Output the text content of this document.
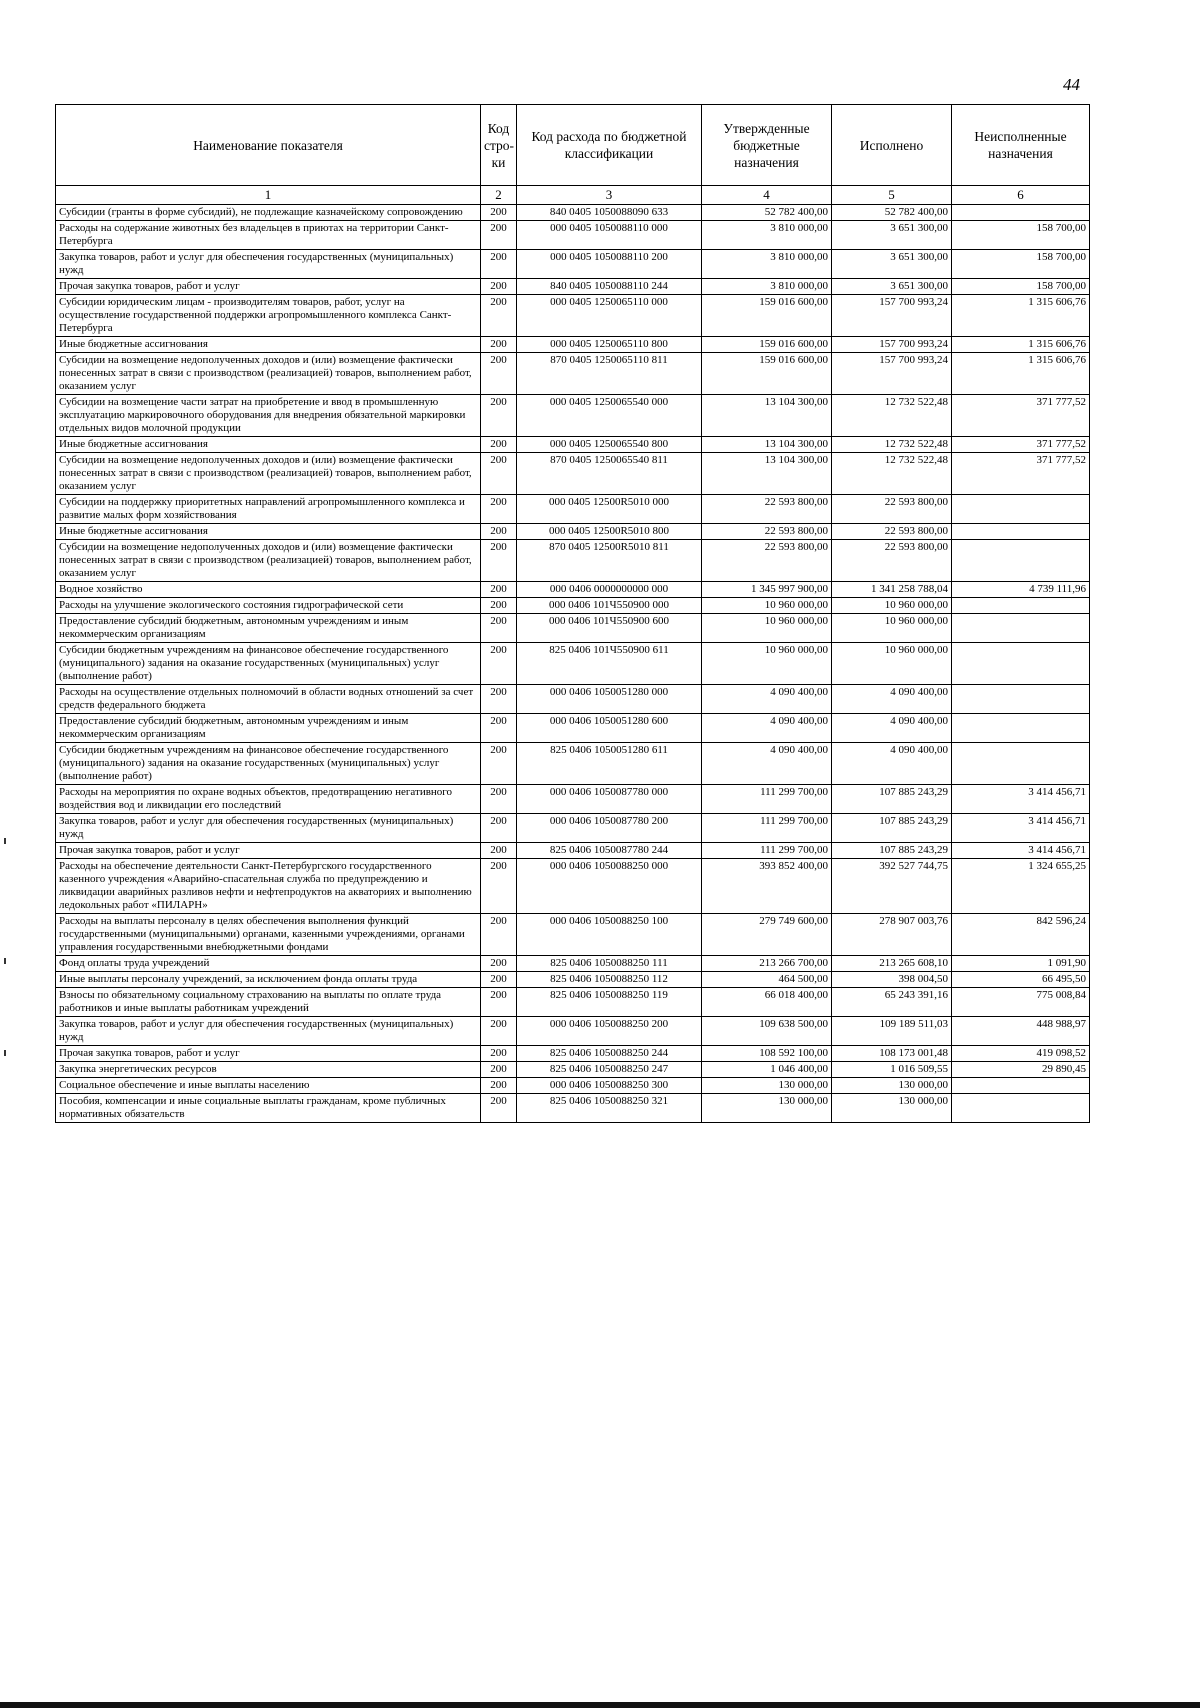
44
Наименование показателя	Код стро-ки	Код расхода по бюджетной классификации	Утвержденные бюджетные назначения	Исполнено	Неисполненные назначения
1	2	3	4	5	6
Субсидии (гранты в форме субсидий), не подлежащие казначейскому сопровождению	200	840 0405 1050088090 633	52 782 400,00	52 782 400,00	
Расходы на содержание животных без владельцев в приютах на территории Санкт-Петербурга	200	000 0405 1050088110 000	3 810 000,00	3 651 300,00	158 700,00
Закупка товаров, работ и услуг для обеспечения государственных (муниципальных) нужд	200	000 0405 1050088110 200	3 810 000,00	3 651 300,00	158 700,00
Прочая закупка товаров, работ и услуг	200	840 0405 1050088110 244	3 810 000,00	3 651 300,00	158 700,00
Субсидии юридическим лицам - производителям товаров, работ, услуг на осуществление государственной поддержки агропромышленного комплекса Санкт-Петербурга	200	000 0405 1250065110 000	159 016 600,00	157 700 993,24	1 315 606,76
Иные бюджетные ассигнования	200	000 0405 1250065110 800	159 016 600,00	157 700 993,24	1 315 606,76
Субсидии на возмещение недополученных доходов и (или) возмещение фактически понесенных затрат в связи с производством (реализацией) товаров, выполнением работ, оказанием услуг	200	870 0405 1250065110 811	159 016 600,00	157 700 993,24	1 315 606,76
Субсидии на возмещение части затрат на приобретение и ввод в промышленную эксплуатацию маркировочного оборудования для внедрения обязательной маркировки отдельных видов молочной продукции	200	000 0405 1250065540 000	13 104 300,00	12 732 522,48	371 777,52
Иные бюджетные ассигнования	200	000 0405 1250065540 800	13 104 300,00	12 732 522,48	371 777,52
Субсидии на возмещение недополученных доходов и (или) возмещение фактически понесенных затрат в связи с производством (реализацией) товаров, выполнением работ, оказанием услуг	200	870 0405 1250065540 811	13 104 300,00	12 732 522,48	371 777,52
Субсидии на поддержку приоритетных направлений агропромышленного комплекса и развитие малых форм хозяйствования	200	000 0405 12500R5010 000	22 593 800,00	22 593 800,00	
Иные бюджетные ассигнования	200	000 0405 12500R5010 800	22 593 800,00	22 593 800,00	
Субсидии на возмещение недополученных доходов и (или) возмещение фактически понесенных затрат в связи с производством (реализацией) товаров, выполнением работ, оказанием услуг	200	870 0405 12500R5010 811	22 593 800,00	22 593 800,00	
Водное хозяйство	200	000 0406 0000000000 000	1 345 997 900,00	1 341 258 788,04	4 739 111,96
Расходы на улучшение экологического состояния гидрографической сети	200	000 0406 101Ч550900 000	10 960 000,00	10 960 000,00	
Предоставление субсидий бюджетным, автономным учреждениям и иным некоммерческим организациям	200	000 0406 101Ч550900 600	10 960 000,00	10 960 000,00	
Субсидии бюджетным учреждениям на финансовое обеспечение государственного (муниципального) задания на оказание государственных (муниципальных) услуг (выполнение работ)	200	825 0406 101Ч550900 611	10 960 000,00	10 960 000,00	
Расходы на осуществление отдельных полномочий в области водных отношений за счет средств федерального бюджета	200	000 0406 1050051280 000	4 090 400,00	4 090 400,00	
Предоставление субсидий бюджетным, автономным учреждениям и иным некоммерческим организациям	200	000 0406 1050051280 600	4 090 400,00	4 090 400,00	
Субсидии бюджетным учреждениям на финансовое обеспечение государственного (муниципального) задания на оказание государственных (муниципальных) услуг (выполнение работ)	200	825 0406 1050051280 611	4 090 400,00	4 090 400,00	
Расходы на мероприятия по охране водных объектов, предотвращению негативного воздействия вод и ликвидации его последствий	200	000 0406 1050087780 000	111 299 700,00	107 885 243,29	3 414 456,71
Закупка товаров, работ и услуг для обеспечения государственных (муниципальных) нужд	200	000 0406 1050087780 200	111 299 700,00	107 885 243,29	3 414 456,71
Прочая закупка товаров, работ и услуг	200	825 0406 1050087780 244	111 299 700,00	107 885 243,29	3 414 456,71
Расходы на обеспечение деятельности Санкт-Петербургского государственного казенного учреждения «Аварийно-спасательная служба по предупреждению и ликвидации аварийных разливов нефти и нефтепродуктов на акваториях и выполнению ледокольных работ «ПИЛАРН»	200	000 0406 1050088250 000	393 852 400,00	392 527 744,75	1 324 655,25
Расходы на выплаты персоналу в целях обеспечения выполнения функций государственными (муниципальными) органами, казенными учреждениями, органами управления государственными внебюджетными фондами	200	000 0406 1050088250 100	279 749 600,00	278 907 003,76	842 596,24
Фонд оплаты труда учреждений	200	825 0406 1050088250 111	213 266 700,00	213 265 608,10	1 091,90
Иные выплаты персоналу учреждений, за исключением фонда оплаты труда	200	825 0406 1050088250 112	464 500,00	398 004,50	66 495,50
Взносы по обязательному социальному страхованию на выплаты по оплате труда работников и иные выплаты работникам учреждений	200	825 0406 1050088250 119	66 018 400,00	65 243 391,16	775 008,84
Закупка товаров, работ и услуг для обеспечения государственных (муниципальных) нужд	200	000 0406 1050088250 200	109 638 500,00	109 189 511,03	448 988,97
Прочая закупка товаров, работ и услуг	200	825 0406 1050088250 244	108 592 100,00	108 173 001,48	419 098,52
Закупка энергетических ресурсов	200	825 0406 1050088250 247	1 046 400,00	1 016 509,55	29 890,45
Социальное обеспечение и иные выплаты населению	200	000 0406 1050088250 300	130 000,00	130 000,00	
Пособия, компенсации и иные социальные выплаты гражданам, кроме публичных нормативных обязательств	200	825 0406 1050088250 321	130 000,00	130 000,00	
